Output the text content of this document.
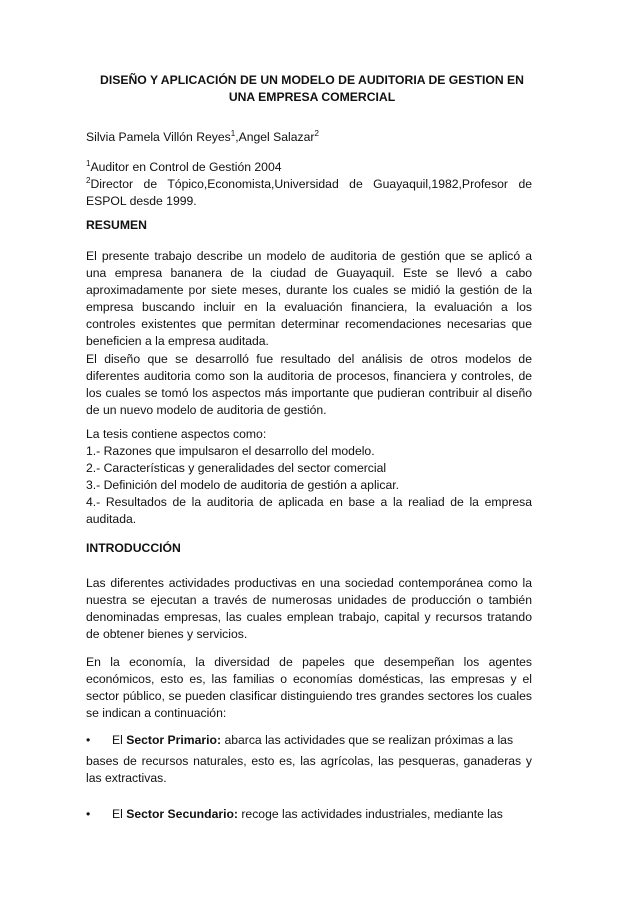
DISEÑO Y APLICACIÓN DE UN MODELO DE AUDITORIA DE GESTION EN
UNA EMPRESA COMERCIAL
Silvia Pamela Villón Reyes$^1$,Angel Salazar$^2$
$^1$Auditor en Control de Gestión 2004
$^2$Director de Tópico,Economista,Universidad de Guayaquil,1982,Profesor de ESPOL desde 1999.
RESUMEN
El presente trabajo describe un modelo de auditoria de gestión que se aplicó a una empresa bananera de la ciudad de Guayaquil. Este se llevó a cabo aproximadamente por siete meses, durante los cuales se midió la gestión de la empresa buscando incluir en la evaluación financiera, la evaluación a los controles existentes que permitan determinar recomendaciones necesarias que beneficien a la empresa auditada.
El diseño que se desarrolló fue resultado del análisis de otros modelos de diferentes auditoria como son la auditoria de procesos, financiera y controles, de los cuales se tomó los aspectos más importante que pudieran contribuir al diseño de un nuevo modelo de auditoria de gestión.
La tesis contiene aspectos como:
1.- Razones que impulsaron el desarrollo del modelo.
2.- Características y generalidades del sector comercial
3.- Definición del modelo de auditoria de gestión a aplicar.
4.- Resultados de la auditoria de aplicada en base a la realiad de la empresa auditada.
INTRODUCCIÓN
Las diferentes actividades productivas en una sociedad contemporánea como la nuestra se ejecutan a través de numerosas unidades de producción o también denominadas empresas, las cuales emplean trabajo, capital y recursos tratando de obtener bienes y servicios.
En la economía, la diversidad de papeles que desempeñan los agentes económicos, esto es, las familias o economías domésticas, las empresas y el sector público, se pueden clasificar distinguiendo tres grandes sectores los cuales se indican a continuación:
•	El Sector Primario: abarca las actividades que se realizan próximas a las
bases de recursos naturales, esto es, las agrícolas, las pesqueras, ganaderas y las extractivas.
•	El Sector Secundario: recoge las actividades industriales, mediante las
